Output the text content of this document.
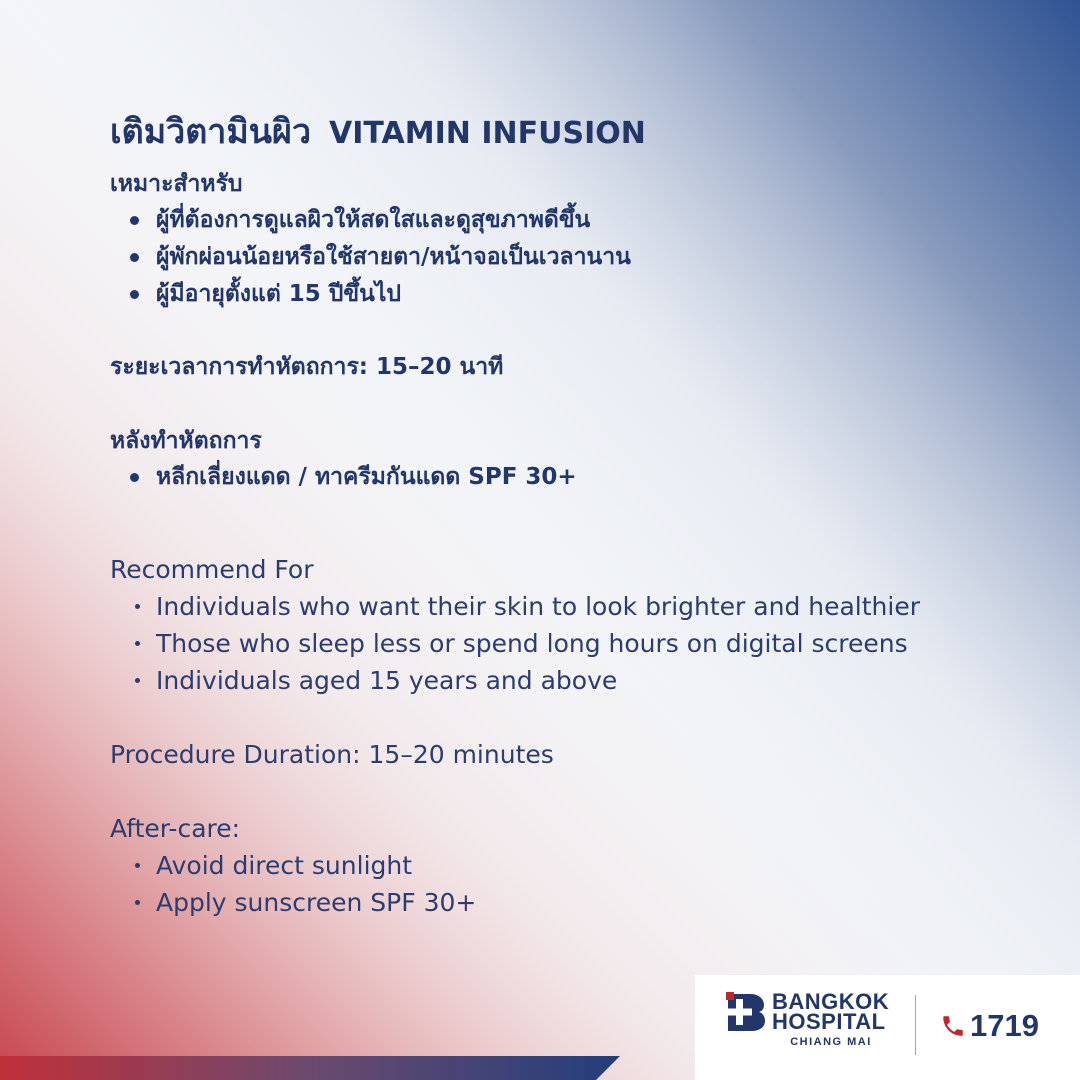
เติมวิตามินผิว VITAMIN INFUSION
เหมาะสำหรับ
ผู้ที่ต้องการดูแลผิวให้สดใสและดูสุขภาพดีขึ้น
ผู้พักผ่อนน้อยหรือใช้สายตา/หน้าจอเป็นเวลานาน
ผู้มีอายุตั้งแต่ 15 ปีขึ้นไป
ระยะเวลาการทำหัตถการ: 15–20 นาที
หลังทำหัตถการ
หลีกเลี่ยงแดด / ทาครีมกันแดด SPF 30+
Recommend For
Individuals who want their skin to look brighter and healthier
Those who sleep less or spend long hours on digital screens
Individuals aged 15 years and above
Procedure Duration: 15–20 minutes
After-care:
Avoid direct sunlight
Apply sunscreen SPF 30+
BANGKOK
HOSPITAL
CHIANG MAI	1719
